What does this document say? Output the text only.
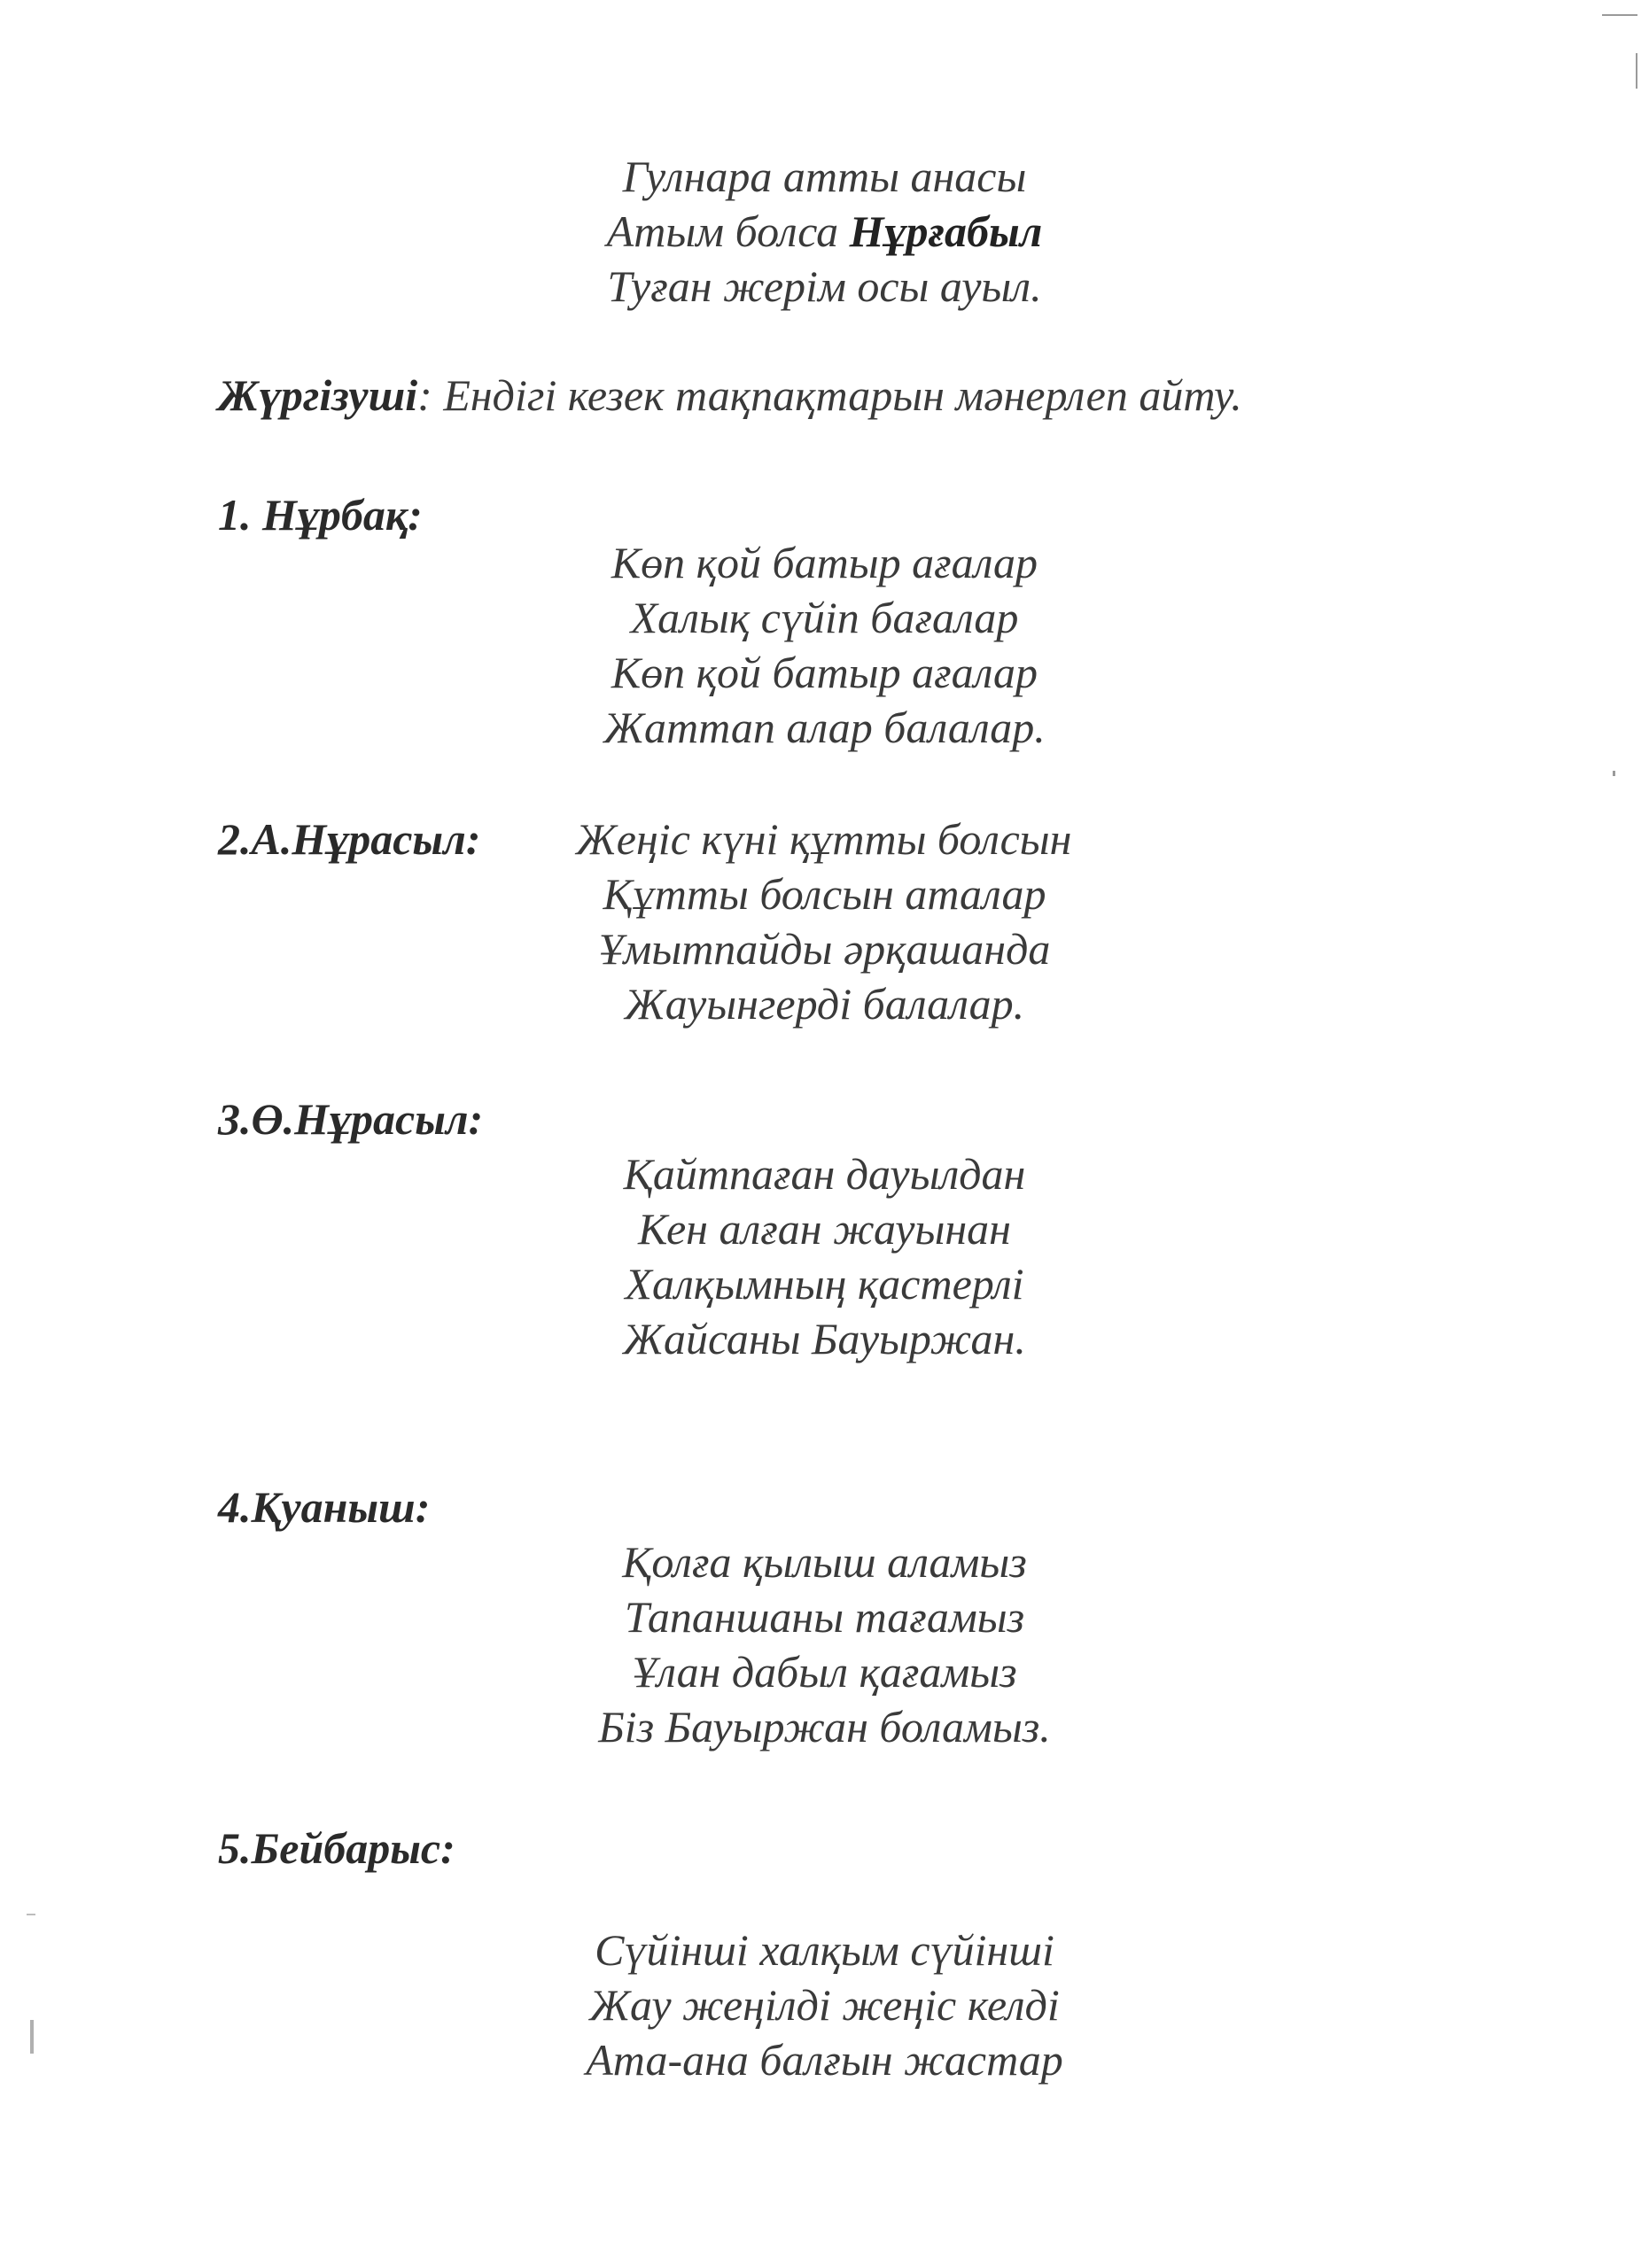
Гулнара атты анасы
Атым болса Нұрғабыл
Туған жерім осы ауыл.
Жүргізуші: Ендігі кезек тақпақтарын мәнерлеп айту.
1. Нұрбақ:
Көп қой батыр ағалар
Халық сүйіп бағалар
Көп қой батыр ағалар
Жаттап алар балалар.
2.А.Нұрасыл: Жеңіс күні құтты болсын
Құтты болсын аталар
Ұмытпайды әрқашанда
Жауынгерді балалар.
3.Ө.Нұрасыл:
Қайтпаған дауылдан
Кен алған жауынан
Халқымның қастерлі
Жайсаны Бауыржан.
4.Қуаныш:
Қолға қылыш аламыз
Тапаншаны тағамыз
Ұлан дабыл қағамыз
Біз Бауыржан боламыз.
5.Бейбарыс:
Сүйінші халқым сүйінші
Жау жеңілді жеңіс келді
Ата-ана балғын жастар
